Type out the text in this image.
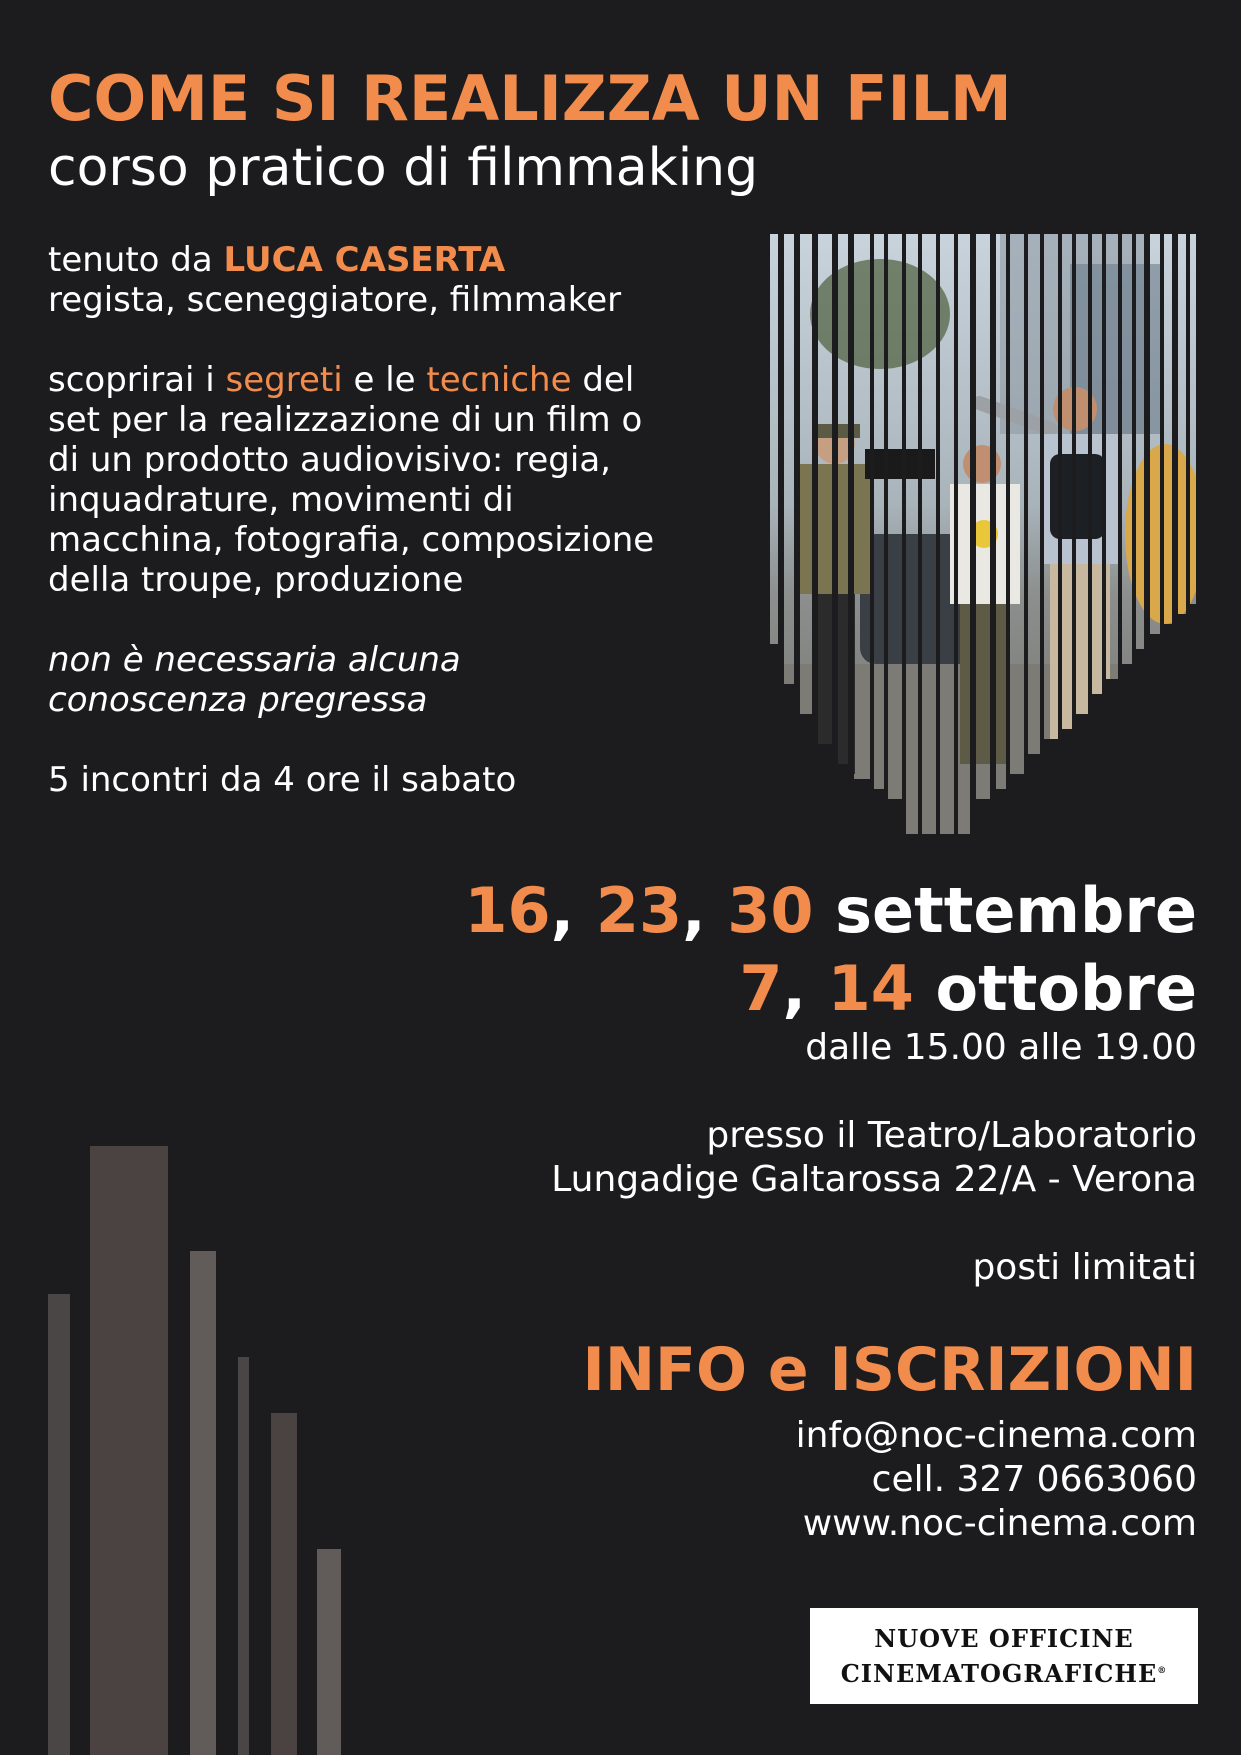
COME SI REALIZZA UN FILM
corso pratico di filmmaking

tenuto da LUCA CASERTA

regista, sceneggiatore, filmmaker

scoprirai i segreti e le tecniche del set per la realizzazione di un film o di un prodotto audiovisivo: regia, inquadrature, movimenti di macchina, fotografia, composizione della troupe, produzione

non è necessaria alcuna conoscenza pregressa

5 incontri da 4 ore il sabato

16, 23, 30 settembre
7, 14 ottobre
dalle 15.00 alle 19.00
presso il Teatro/Laboratorio
Lungadige Galtarossa 22/A - Verona
posti limitati
INFO e ISCRIZIONI
info@noc-cinema.com
cell. 327 0663060
www.noc-cinema.com
NUOVE OFFICINE
CINEMATOGRAFICHE®
